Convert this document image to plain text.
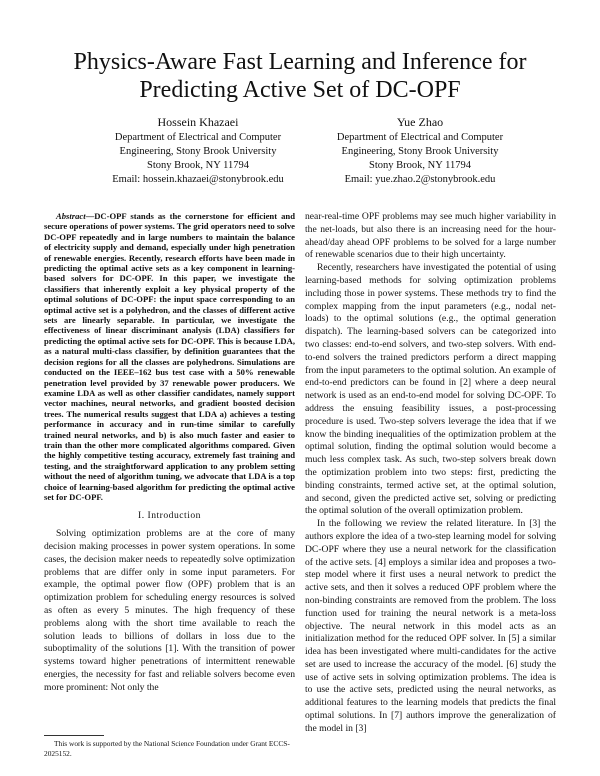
Physics-Aware Fast Learning and Inference for Predicting Active Set of DC-OPF
Hossein Khazaei
Department of Electrical and Computer
Engineering, Stony Brook University
Stony Brook, NY 11794
Email: hossein.khazaei@stonybrook.edu
Yue Zhao
Department of Electrical and Computer
Engineering, Stony Brook University
Stony Brook, NY 11794
Email: yue.zhao.2@stonybrook.edu

Abstract—DC-OPF stands as the cornerstone for efficient and secure operations of power systems. The grid operators need to solve DC-OPF repeatedly and in large numbers to maintain the balance of electricity supply and demand, especially under high penetration of renewable energies. Recently, research efforts have been made in predicting the optimal active sets as a key component in learning-based solvers for DC-OPF. In this paper, we investigate the classifiers that inherently exploit a key physical property of the optimal solutions of DC-OPF: the input space corresponding to an optimal active set is a polyhedron, and the classes of different active sets are linearly separable. In particular, we investigate the effectiveness of linear discriminant analysis (LDA) classifiers for predicting the optimal active sets for DC-OPF. This is because LDA, as a natural multi-class classifier, by definition guarantees that the decision regions for all the classes are polyhedrons. Simulations are conducted on the IEEE–162 bus test case with a 50% renewable penetration level provided by 37 renewable power producers. We examine LDA as well as other classifier candidates, namely support vector machines, neural networks, and gradient boosted decision trees. The numerical results suggest that LDA a) achieves a testing performance in accuracy and in run-time similar to carefully trained neural networks, and b) is also much faster and easier to train than the other more complicated algorithms compared. Given the highly competitive testing accuracy, extremely fast training and testing, and the straightforward application to any problem setting without the need of algorithm tuning, we advocate that LDA is a top choice of learning-based algorithm for predicting the optimal active set for DC-OPF.

I. Introduction

Solving optimization problems are at the core of many decision making processes in power system operations. In some cases, the decision maker needs to repeatedly solve optimization problems that are differ only in some input parameters. For example, the optimal power flow (OPF) problem that is an optimization problem for scheduling energy resources is solved as often as every 5 minutes. The high frequency of these problems along with the short time available to reach the solution leads to billions of dollars in loss due to the suboptimality of the solutions [1]. With the transition of power systems toward higher penetrations of intermittent renewable energies, the necessity for fast and reliable solvers become even more prominent: Not only the

This work is supported by the National Science Foundation under Grant ECCS-2025152.

near-real-time OPF problems may see much higher variability in the net-loads, but also there is an increasing need for the hour-ahead/day ahead OPF problems to be solved for a large number of renewable scenarios due to their high uncertainty.

Recently, researchers have investigated the potential of using learning-based methods for solving optimization problems including those in power systems. These methods try to find the complex mapping from the input parameters (e.g., nodal net-loads) to the optimal solutions (e.g., the optimal generation dispatch). The learning-based solvers can be categorized into two classes: end-to-end solvers, and two-step solvers. With end-to-end solvers the trained predictors perform a direct mapping from the input parameters to the optimal solution. An example of end-to-end predictors can be found in [2] where a deep neural network is used as an end-to-end model for solving DC-OPF. To address the ensuing feasibility issues, a post-processing procedure is used. Two-step solvers leverage the idea that if we know the binding inequalities of the optimization problem at the optimal solution, finding the optimal solution would become a much less complex task. As such, two-step solvers break down the optimization problem into two steps: first, predicting the binding constraints, termed active set, at the optimal solution, and second, given the predicted active set, solving or predicting the optimal solution of the overall optimization problem.

In the following we review the related literature. In [3] the authors explore the idea of a two-step learning model for solving DC-OPF where they use a neural network for the classification of the active sets. [4] employs a similar idea and proposes a two-step model where it first uses a neural network to predict the active sets, and then it solves a reduced OPF problem where the non-binding constraints are removed from the problem. The loss function used for training the neural network is a meta-loss objective. The neural network in this model acts as an initialization method for the reduced OPF solver. In [5] a similar idea has been investigated where multi-candidates for the active set are used to increase the accuracy of the model. [6] study the use of active sets in solving optimization problems. The idea is to use the active sets, predicted using the neural networks, as additional features to the learning models that predicts the final optimal solutions. In [7] authors improve the generalization of the model in [3]
